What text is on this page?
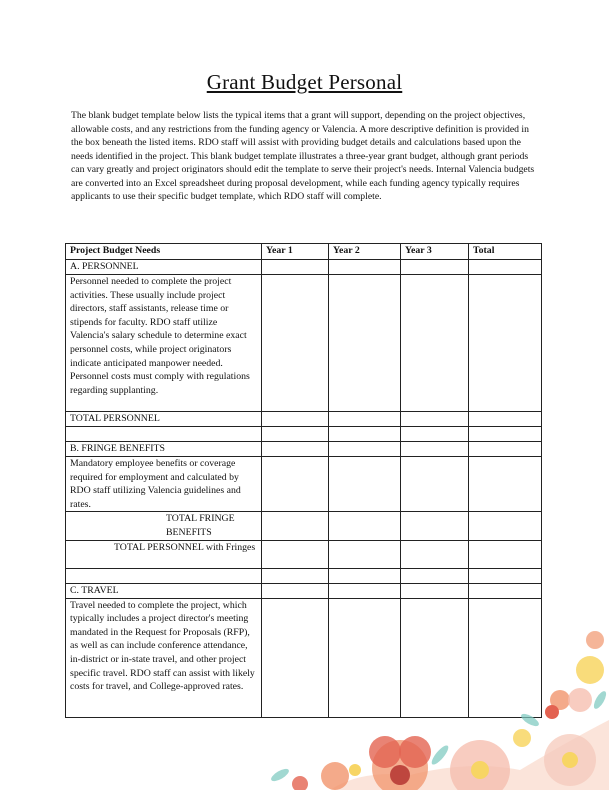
Grant Budget Personal
The blank budget template below lists the typical items that a grant will support, depending on the project objectives, allowable costs, and any restrictions from the funding agency or Valencia. A more descriptive definition is provided in the box beneath the listed items. RDO staff will assist with providing budget details and calculations based upon the needs identified in the project. This blank budget template illustrates a three-year grant budget, although grant periods can vary greatly and project originators should edit the template to serve their project's needs. Internal Valencia budgets are converted into an Excel spreadsheet during proposal development, while each funding agency typically requires applicants to use their specific budget template, which RDO staff will complete.
Project Budget Needs	Year 1	Year 2	Year 3	Total
A. PERSONNEL				
Personnel needed to complete the project activities. These usually include project directors, staff assistants, release time or stipends for faculty. RDO staff utilize Valencia's salary schedule to determine exact personnel costs, while project originators indicate anticipated manpower needed. Personnel costs must comply with regulations regarding supplanting.				
TOTAL PERSONNEL				

B. FRINGE BENEFITS				
Mandatory employee benefits or coverage required for employment and calculated by RDO staff utilizing Valencia guidelines and rates.				

TOTAL FRINGE BENEFITS				

TOTAL PERSONNEL with Fringes				

C. TRAVEL				
Travel needed to complete the project, which typically includes a project director's meeting mandated in the Request for Proposals (RFP), as well as can include conference attendance, in-district or in-state travel, and other project specific travel. RDO staff can assist with likely costs for travel, and College-approved rates.				
